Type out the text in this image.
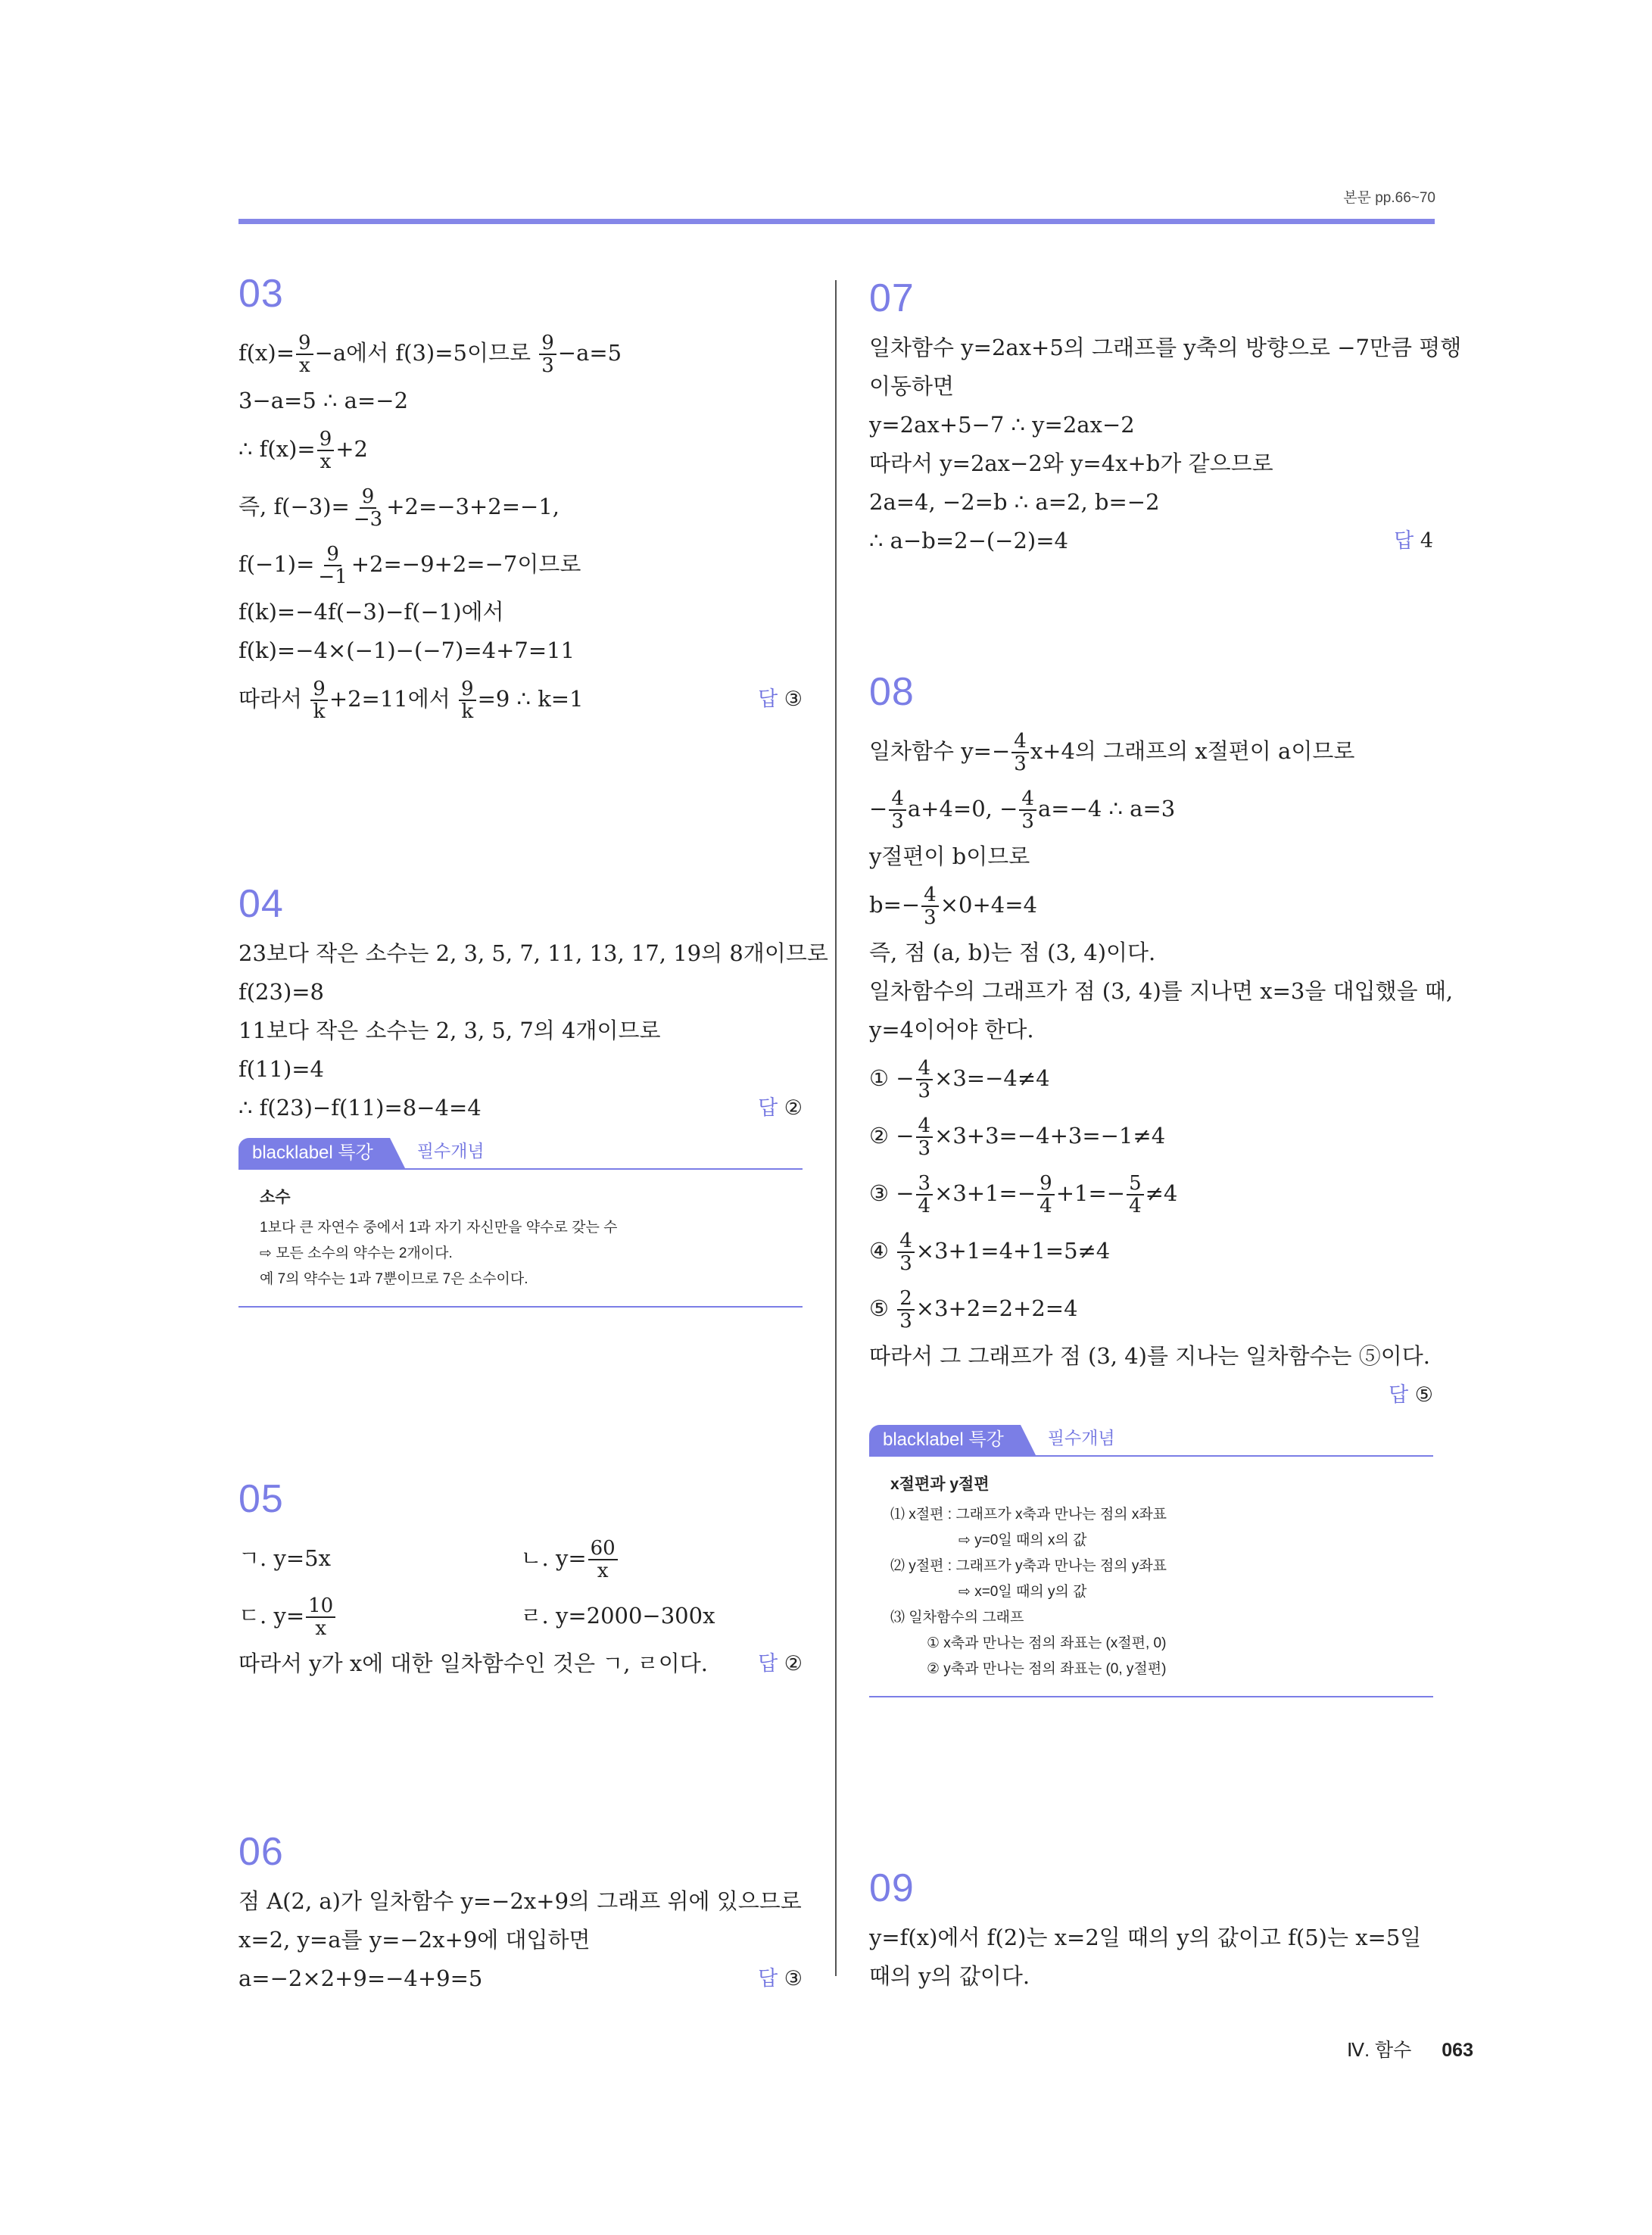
본문 pp.66~70
03
$f(x)= \frac{9}{x} -a$에서 f(3)=5이므로 $\frac{9}{3} -a=5$
3−a=5 ∴ a=−2
∴ $f(x)= \frac{9}{x} +2$
즉, $f(-3)= \frac{9}{-3} +2=-3+2=-1$,
$f(-1)= \frac{9}{-1} +2=-9+2=-7$이므로
f(k)=−4f(−3)−f(−1)에서
f(k)=−4×(−1)−(−7)=4+7=11
따라서 $\frac{9}{k} +2=11$에서 $\frac{9}{k} =9$ ∴ k=1	답 ③
04
23보다 작은 소수는 2, 3, 5, 7, 11, 13, 17, 19의 8개이므로
f(23)=8
11보다 작은 소수는 2, 3, 5, 7의 4개이므로
f(11)=4
∴ f(23)−f(11)=8−4=4	답 ②
blacklabel 특강	필수개념
소수
1보다 큰 자연수 중에서 1과 자기 자신만을 약수로 갖는 수
⇨ 모든 소수의 약수는 2개이다.
예 7의 약수는 1과 7뿐이므로 7은 소수이다.
05
ㄱ. y=5x	ㄴ. $y= \frac{60}{x}$
ㄷ. $y= \frac{10}{x}$	ㄹ. y=2000−300x
따라서 y가 x에 대한 일차함수인 것은 ㄱ, ㄹ이다. 답 ②
06
점 A(2, a)가 일차함수 y=−2x+9의 그래프 위에 있으므로
x=2, y=a를 y=−2x+9에 대입하면
a=−2×2+9=−4+9=5	답 ③
07
일차함수 y=2ax+5의 그래프를 y축의 방향으로 −7만큼 평행
이동하면
y=2ax+5−7 ∴ y=2ax−2
따라서 y=2ax−2와 y=4x+b가 같으므로
2a=4, −2=b ∴ a=2, b=−2
∴ a−b=2−(−2)=4	답 4
08
일차함수 $y=- \frac{4}{3} x+4$의 그래프의 x절편이 a이므로
− $\frac{4}{3} a+4=0$, − $\frac{4}{3} a=-4$ ∴ a=3
y절편이 b이므로
$b=- \frac{4}{3} \times 0+4=4$
즉, 점 (a, b)는 점 (3, 4)이다.
일차함수의 그래프가 점 (3, 4)를 지나면 x=3을 대입했을 때,
y=4이어야 한다.
① − $\frac{4}{3} \times 3=-4\ne 4$
② − $\frac{4}{3} \times 3+3=-4+3=-1\ne 4$
③ − $\frac{3}{4} \times 3+1=- \frac{9}{4} +1=- \frac{5}{4} \ne 4$
④ $\frac{4}{3} \times 3+1=4+1=5\ne 4$
⑤ $\frac{2}{3} \times 3+2=2+2=4$
따라서 그 그래프가 점 (3, 4)를 지나는 일차함수는 ⑤이다.
답 ⑤
blacklabel 특강	필수개념
x절편과 y절편
⑴ x절편 : 그래프가 x축과 만나는 점의 x좌표
⇨ y=0일 때의 x의 값
⑵ y절편 : 그래프가 y축과 만나는 점의 y좌표
⇨ x=0일 때의 y의 값
⑶ 일차함수의 그래프
① x축과 만나는 점의 좌표는 (x절편, 0)
② y축과 만나는 점의 좌표는 (0, y절편)
09
y=f(x)에서 f(2)는 x=2일 때의 y의 값이고 f(5)는 x=5일
때의 y의 값이다.
Ⅳ. 함수 063
